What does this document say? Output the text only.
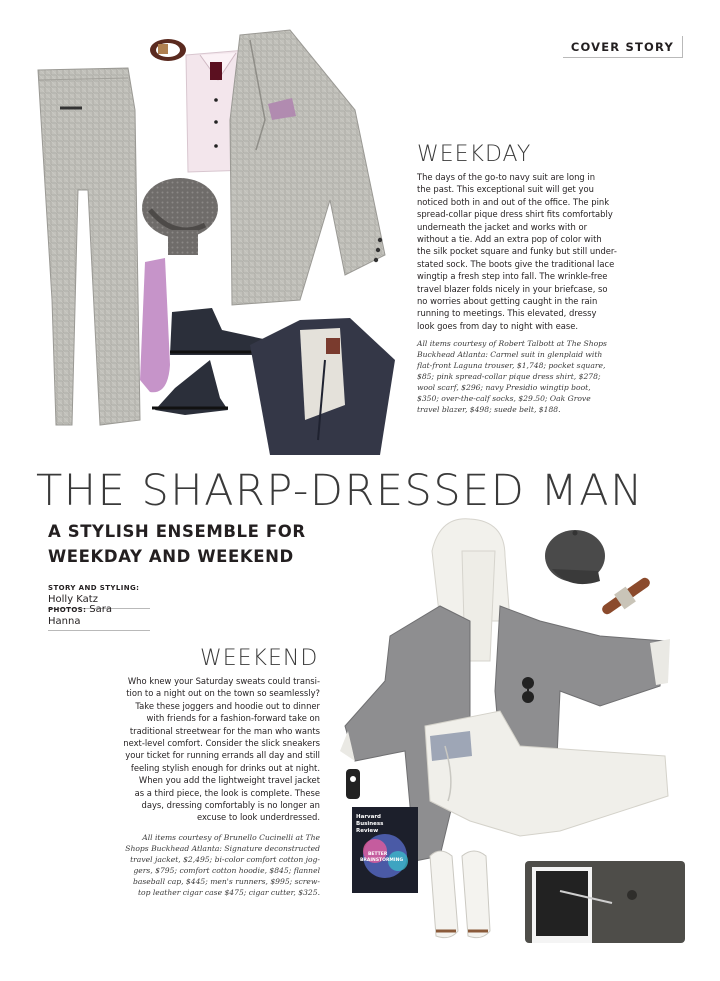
COVER STORY
WEEKDAY
The days of the go-to navy suit are long in
the past. This exceptional suit will get you
noticed both in and out of the office. The pink
spread-collar pique dress shirt fits comfortably
underneath the jacket and works with or
without a tie. Add an extra pop of color with
the silk pocket square and funky but still under-
stated sock. The boots give the traditional lace
wingtip a fresh step into fall. The wrinkle-free
travel blazer folds nicely in your briefcase, so
no worries about getting caught in the rain
running to meetings. This elevated, dressy
look goes from day to night with ease.
All items courtesy of Robert Talbott at The Shops
Buckhead Atlanta: Carmel suit in glenplaid with
flat-front Laguna trouser, $1,748; pocket square,
$85; pink spread-collar pique dress shirt, $278;
wool scarf, $296; navy Presidio wingtip boot,
$350; over-the-calf socks, $29.50; Oak Grove
travel blazer, $498; suede belt, $188.
THE SHARP-DRESSED MAN
A STYLISH ENSEMBLE FOR
WEEKDAY AND WEEKEND
STORY AND STYLING: Holly Katz
PHOTOS: Sara Hanna
Harvard
Business
Review
BETTER
BRAINSTORMING
WEEKEND
Who knew your Saturday sweats could transi-
tion to a night out on the town so seamlessly?
Take these joggers and hoodie out to dinner
with friends for a fashion-forward take on
traditional streetwear for the man who wants
next-level comfort. Consider the slick sneakers
your ticket for running errands all day and still
feeling stylish enough for drinks out at night.
When you add the lightweight travel jacket
as a third piece, the look is complete. These
days, dressing comfortably is no longer an
excuse to look underdressed.
All items courtesy of Brunello Cucinelli at The
Shops Buckhead Atlanta: Signature deconstructed
travel jacket, $2,495; bi-color comfort cotton jog-
gers, $795; comfort cotton hoodie, $845; flannel
baseball cap, $445; men's runners, $995; screw-
top leather cigar case $475; cigar cutter, $325.
